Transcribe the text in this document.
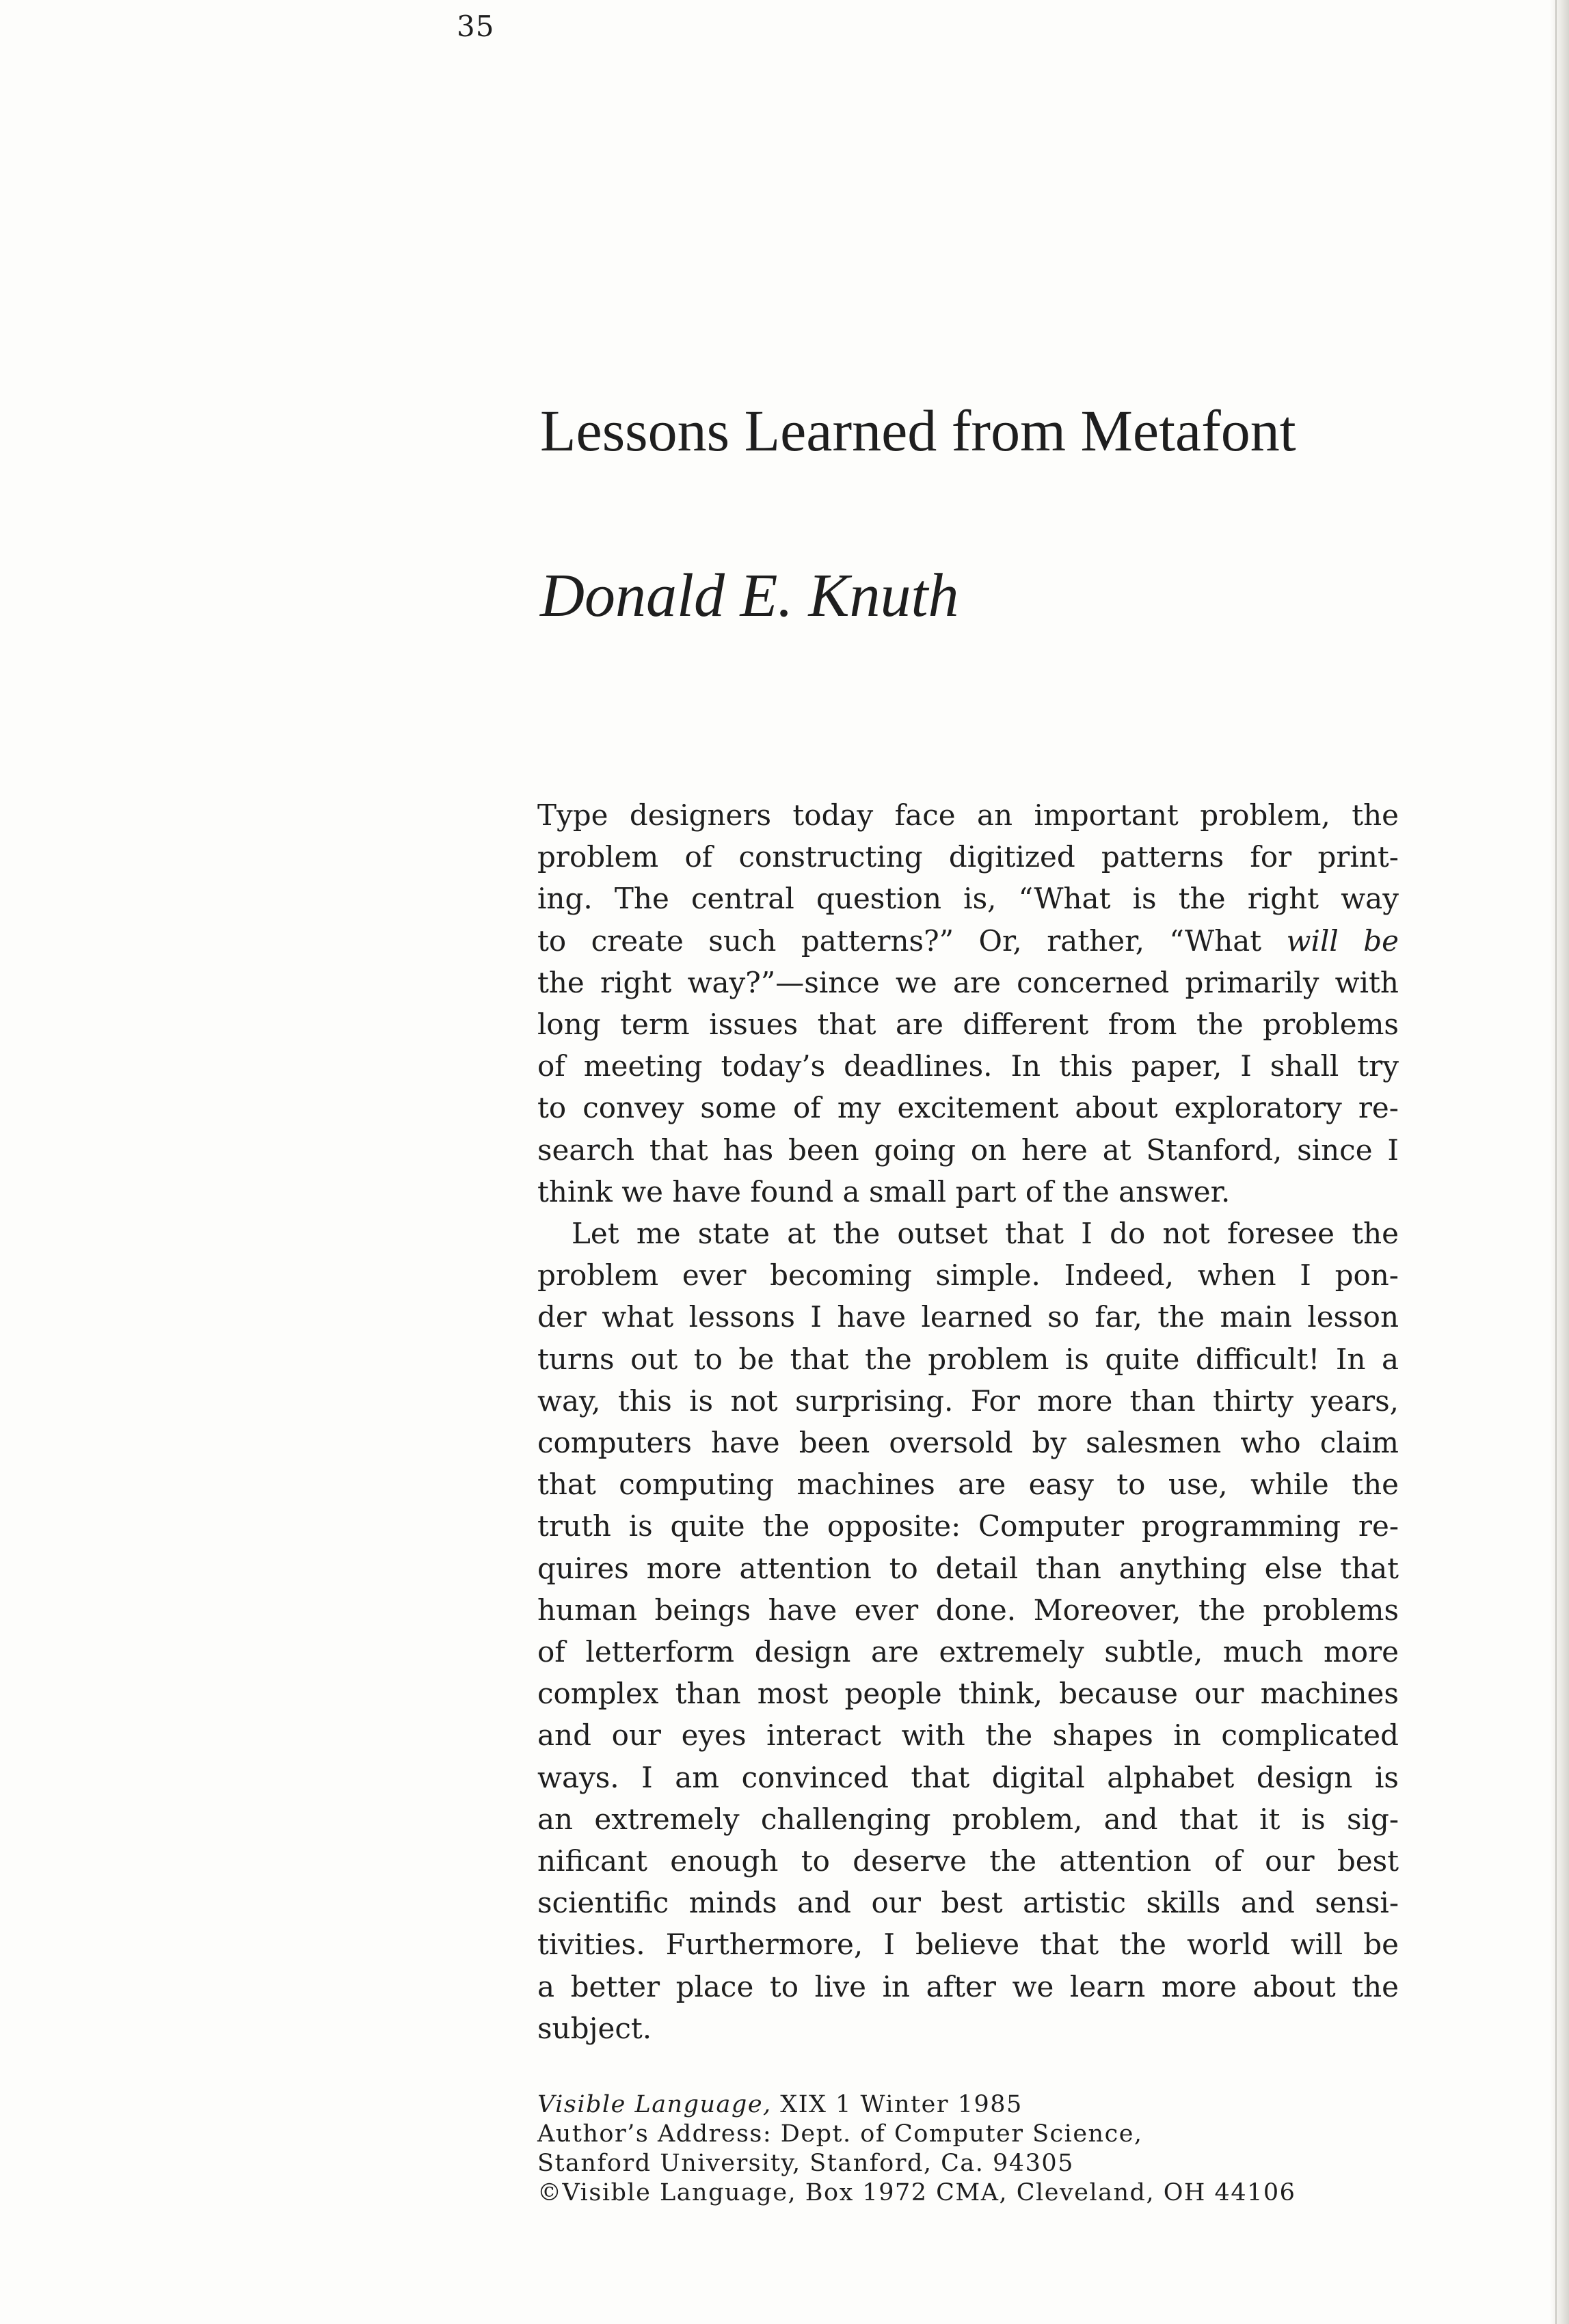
35
Lessons Learned from Metafont
Donald E. Knuth
Type designers today face an important problem, the
problem of constructing digitized patterns for print-
ing. The central question is, “What is the right way
to create such patterns?” Or, rather, “What will be
the right way?”—since we are concerned primarily with
long term issues that are different from the problems
of meeting today’s deadlines. In this paper, I shall try
to convey some of my excitement about exploratory re-
search that has been going on here at Stanford, since I
think we have found a small part of the answer.
Let me state at the outset that I do not foresee the
problem ever becoming simple. Indeed, when I pon-
der what lessons I have learned so far, the main lesson
turns out to be that the problem is quite difficult! In a
way, this is not surprising. For more than thirty years,
computers have been oversold by salesmen who claim
that computing machines are easy to use, while the
truth is quite the opposite: Computer programming re-
quires more attention to detail than anything else that
human beings have ever done. Moreover, the problems
of letterform design are extremely subtle, much more
complex than most people think, because our machines
and our eyes interact with the shapes in complicated
ways. I am convinced that digital alphabet design is
an extremely challenging problem, and that it is sig-
nificant enough to deserve the attention of our best
scientific minds and our best artistic skills and sensi-
tivities. Furthermore, I believe that the world will be
a better place to live in after we learn more about the
subject.
Visible Language, XIX 1 Winter 1985
Author’s Address: Dept. of Computer Science,
Stanford University, Stanford, Ca. 94305
©Visible Language, Box 1972 CMA, Cleveland, OH 44106
